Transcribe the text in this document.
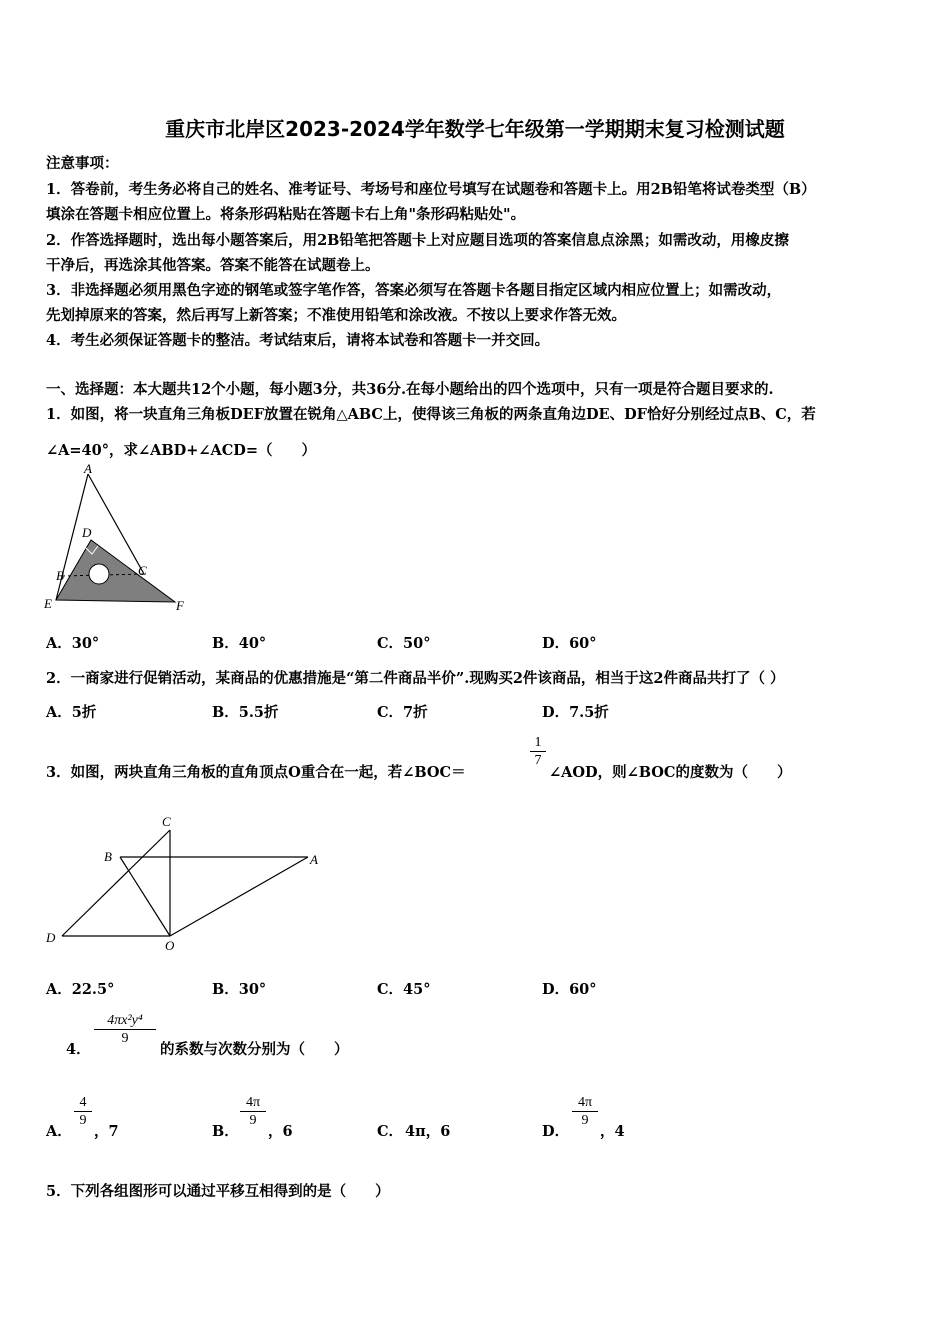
重庆市北岸区2023-2024学年数学七年级第一学期期末复习检测试题
注意事项：
1．答卷前，考生务必将自己的姓名、准考证号、考场号和座位号填写在试题卷和答题卡上。用2B铅笔将试卷类型（B）
填涂在答题卡相应位置上。将条形码粘贴在答题卡右上角"条形码粘贴处"。
2．作答选择题时，选出每小题答案后，用2B铅笔把答题卡上对应题目选项的答案信息点涂黑；如需改动，用橡皮擦
干净后，再选涂其他答案。答案不能答在试题卷上。
3．非选择题必须用黑色字迹的钢笔或签字笔作答，答案必须写在答题卡各题目指定区域内相应位置上；如需改动，
先划掉原来的答案，然后再写上新答案；不准使用铅笔和涂改液。不按以上要求作答无效。
4．考生必须保证答题卡的整洁。考试结束后，请将本试卷和答题卡一并交回。
一、选择题：本大题共12个小题，每小题3分，共36分.在每小题给出的四个选项中，只有一项是符合题目要求的.
1．如图，将一块直角三角板DEF放置在锐角△ABC上，使得该三角板的两条直角边DE、DF恰好分别经过点B、C，若
∠A=40°，求∠ABD+∠ACD=（　　）
A
D
B	C
E	F
A．30°	B．40°	C．50°	D．60°
2．一商家进行促销活动，某商品的优惠措施是“第二件商品半价”.现购买2件该商品，相当于这2件商品共打了（ ）
A．5折	B．5.5折	C．7折	D．7.5折
3．如图，两块直角三角板的直角顶点O重合在一起，若∠BOC＝
$\frac{1}{7}$
∠AOD，则∠BOC的度数为（　　）
C
B	A
D
O
A．22.5°	B．30°	C．45°	D．60°
4．
$\frac{\text{4πx²y⁴}}{9}$
的系数与次数分别为（　　）
A．
$\frac{4}{9}$
，7	B．
$\frac{4\pi}{9}$
，6	C． 4π，6	D．
$\frac{4\pi}{9}$
，4
5．下列各组图形可以通过平移互相得到的是（　　）
